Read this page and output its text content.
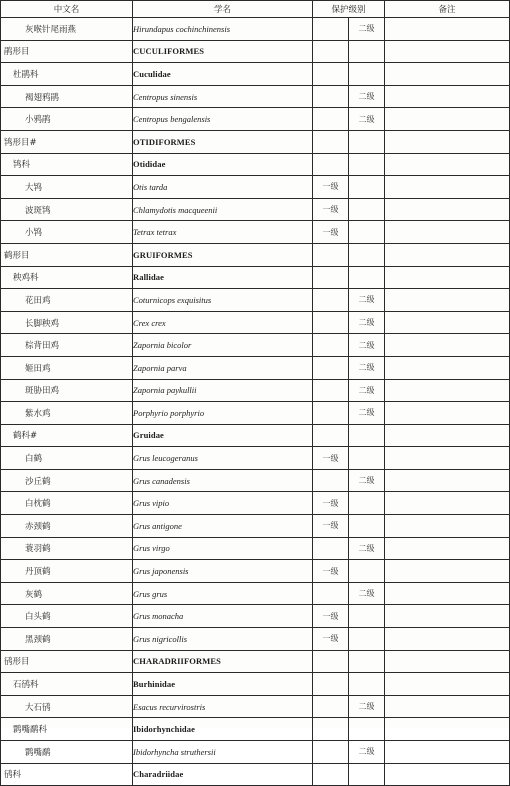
中文名	学名	保护级别		备注
灰喉针尾雨燕	Hirundapus cochinchinensis		二级	
鹃形目	CUCULIFORMES			
杜鹃科	Cuculidae			
褐翅鸦鹃	Centropus sinensis		二级	
小鸦鹃	Centropus bengalensis		二级	
鸨形目#	OTIDIFORMES			
鸨科	Otididae			
大鸨	Otis tarda	一级		
波斑鸨	Chlamydotis macqueenii	一级		
小鸨	Tetrax tetrax	一级		
鹤形目	GRUIFORMES			
秧鸡科	Rallidae			
花田鸡	Coturnicops exquisitus		二级	
长脚秧鸡	Crex crex		二级	
棕背田鸡	Zapornia bicolor		二级	
姬田鸡	Zapornia parva		二级	
斑胁田鸡	Zapornia paykullii		二级	
紫水鸡	Porphyrio porphyrio		二级	
鹤科#	Gruidae			
白鹤	Grus leucogeranus	一级		
沙丘鹤	Grus canadensis		二级	
白枕鹤	Grus vipio	一级		
赤颈鹤	Grus antigone	一级		
蓑羽鹤	Grus virgo		二级	
丹顶鹤	Grus japonensis	一级		
灰鹤	Grus grus		二级	
白头鹤	Grus monacha	一级		
黑颈鹤	Grus nigricollis	一级		
鸻形目	CHARADRIIFORMES			
石鸻科	Burhinidae			
大石鸻	Esacus recurvirostris		二级	
鹮嘴鹬科	Ibidorhynchidae			
鹮嘴鹬	Ibidorhyncha struthersii		二级	
鸻科	Charadriidae			
